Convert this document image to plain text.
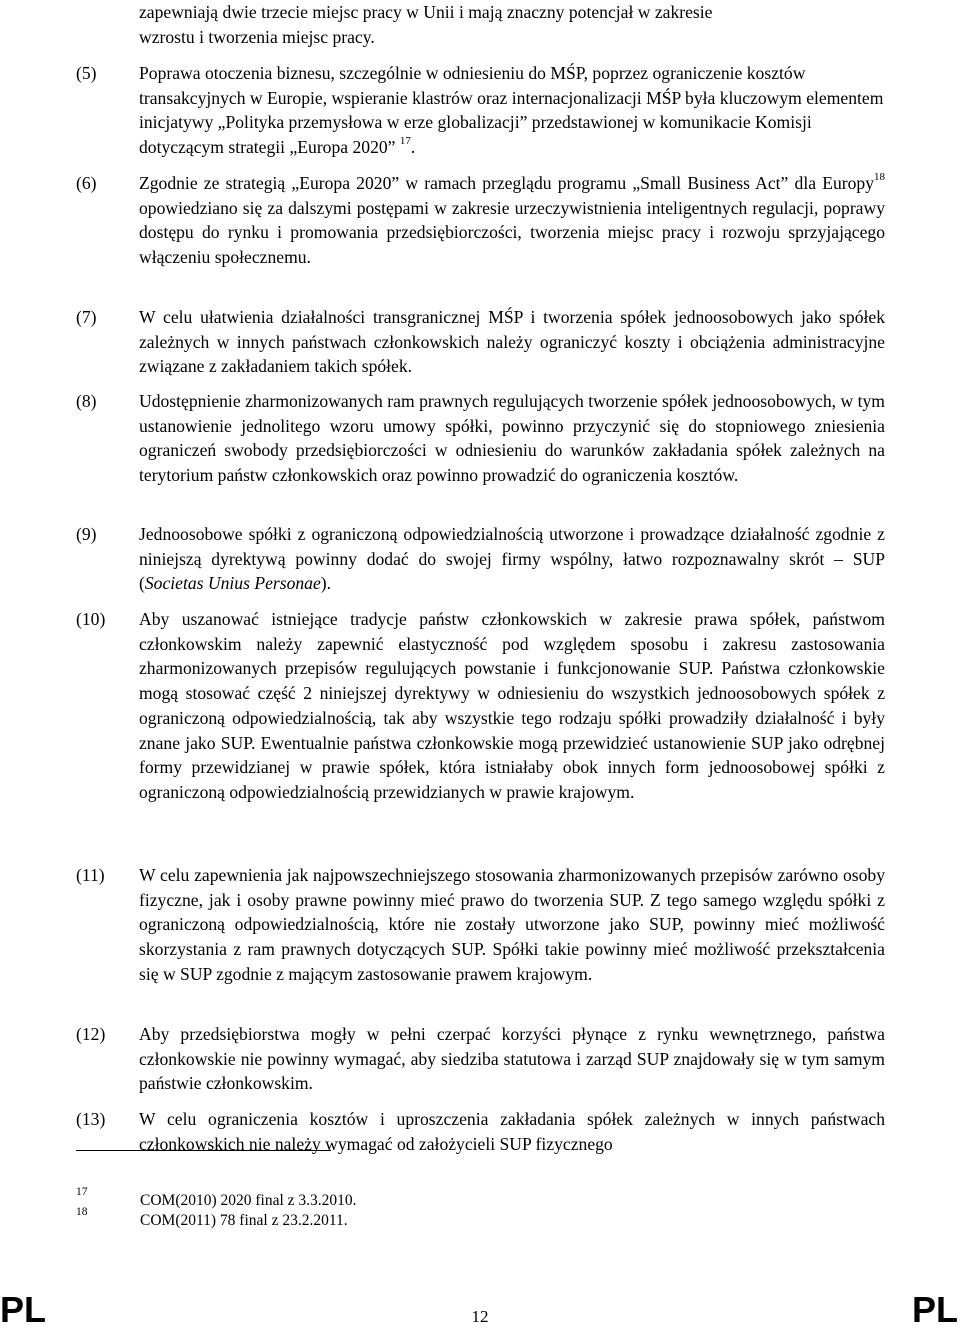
zapewniają dwie trzecie miejsc pracy w Unii i mają znaczny potencjał w zakresie
wzrostu i tworzenia miejsc pracy.
(5) Poprawa otoczenia biznesu, szczególnie w odniesieniu do MŚP, poprzez ograniczenie kosztów transakcyjnych w Europie, wspieranie klastrów oraz internacjonalizacji MŚP była kluczowym elementem inicjatywy „Polityka przemysłowa w erze globalizacji” przedstawionej w komunikacie Komisji dotyczącym strategii „Europa 2020” $^{17}$.
(6) Zgodnie ze strategią „Europa 2020” w ramach przeglądu programu „Small Business Act” dla Europy$^{18}$ opowiedziano się za dalszymi postępami w zakresie urzeczywistnienia inteligentnych regulacji, poprawy dostępu do rynku i promowania przedsiębiorczości, tworzenia miejsc pracy i rozwoju sprzyjającego włączeniu społecznemu.
(7) W celu ułatwienia działalności transgranicznej MŚP i tworzenia spółek jednoosobowych jako spółek zależnych w innych państwach członkowskich należy ograniczyć koszty i obciążenia administracyjne związane z zakładaniem takich spółek.
(8) Udostępnienie zharmonizowanych ram prawnych regulujących tworzenie spółek jednoosobowych, w tym ustanowienie jednolitego wzoru umowy spółki, powinno przyczynić się do stopniowego zniesienia ograniczeń swobody przedsiębiorczości w odniesieniu do warunków zakładania spółek zależnych na terytorium państw członkowskich oraz powinno prowadzić do ograniczenia kosztów.
(9) Jednoosobowe spółki z ograniczoną odpowiedzialnością utworzone i prowadzące działalność zgodnie z niniejszą dyrektywą powinny dodać do swojej firmy wspólny, łatwo rozpoznawalny skrót – SUP (Societas Unius Personae).
(10) Aby uszanować istniejące tradycje państw członkowskich w zakresie prawa spółek, państwom członkowskim należy zapewnić elastyczność pod względem sposobu i zakresu zastosowania zharmonizowanych przepisów regulujących powstanie i funkcjonowanie SUP. Państwa członkowskie mogą stosować część 2 niniejszej dyrektywy w odniesieniu do wszystkich jednoosobowych spółek z ograniczoną odpowiedzialnością, tak aby wszystkie tego rodzaju spółki prowadziły działalność i były znane jako SUP. Ewentualnie państwa członkowskie mogą przewidzieć ustanowienie SUP jako odrębnej formy przewidzianej w prawie spółek, która istniałaby obok innych form jednoosobowej spółki z ograniczoną odpowiedzialnością przewidzianych w prawie krajowym.
(11) W celu zapewnienia jak najpowszechniejszego stosowania zharmonizowanych przepisów zarówno osoby fizyczne, jak i osoby prawne powinny mieć prawo do tworzenia SUP. Z tego samego względu spółki z ograniczoną odpowiedzialnością, które nie zostały utworzone jako SUP, powinny mieć możliwość skorzystania z ram prawnych dotyczących SUP. Spółki takie powinny mieć możliwość przekształcenia się w SUP zgodnie z mającym zastosowanie prawem krajowym.
(12) Aby przedsiębiorstwa mogły w pełni czerpać korzyści płynące z rynku wewnętrznego, państwa członkowskie nie powinny wymagać, aby siedziba statutowa i zarząd SUP znajdowały się w tym samym państwie członkowskim.
(13) W celu ograniczenia kosztów i uproszczenia zakładania spółek zależnych w innych państwach członkowskich nie należy wymagać od założycieli SUP fizycznego
17	COM(2010) 2020 final z 3.3.2010.
18	COM(2011) 78 final z 23.2.2011.
PL	12	PL
